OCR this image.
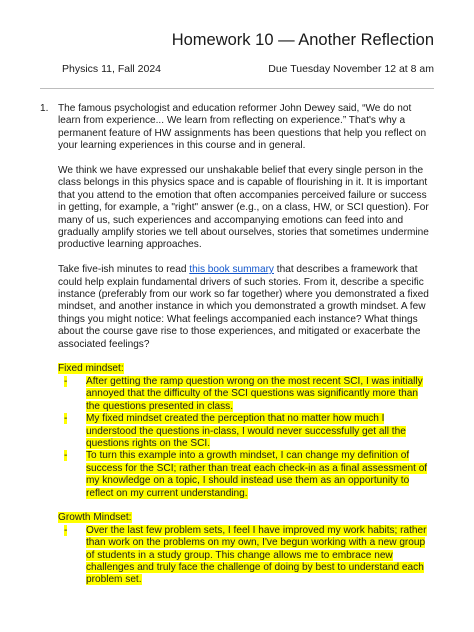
Homework 10 — Another Reflection
Physics 11, Fall 2024	Due Tuesday November 12 at 8 am
1. The famous psychologist and education reformer John Dewey said, “We do not learn from experience... We learn from reflecting on experience.” That's why a permanent feature of HW assignments has been questions that help you reflect on your learning experiences in this course and in general.

We think we have expressed our unshakable belief that every single person in the class belongs in this physics space and is capable of flourishing in it. It is important that you attend to the emotion that often accompanies perceived failure or success in getting, for example, a "right" answer (e.g., on a class, HW, or SCI question). For many of us, such experiences and accompanying emotions can feed into and gradually amplify stories we tell about ourselves, stories that sometimes undermine productive learning approaches.

Take five-ish minutes to read this book summary that describes a framework that could help explain fundamental drivers of such stories. From it, describe a specific instance (preferably from our work so far together) where you demonstrated a fixed mindset, and another instance in which you demonstrated a growth mindset. A few things you might notice: What feelings accompanied each instance? What things about the course gave rise to those experiences, and mitigated or exacerbate the associated feelings?

Fixed mindset:

-	After getting the ramp question wrong on the most recent SCI, I was initially annoyed that the difficulty of the SCI questions was significantly more than the questions presented in class.
-	My fixed mindset created the perception that no matter how much I understood the questions in-class, I would never successfully get all the questions rights on the SCI.
-	To turn this example into a growth mindset, I can change my definition of success for the SCI; rather than treat each check-in as a final assessment of my knowledge on a topic, I should instead use them as an opportunity to reflect on my current understanding.

Growth Mindset:

-	Over the last few problem sets, I feel I have improved my work habits; rather than work on the problems on my own, I've begun working with a new group of students in a study group. This change allows me to embrace new challenges and truly face the challenge of doing by best to understand each problem set.
